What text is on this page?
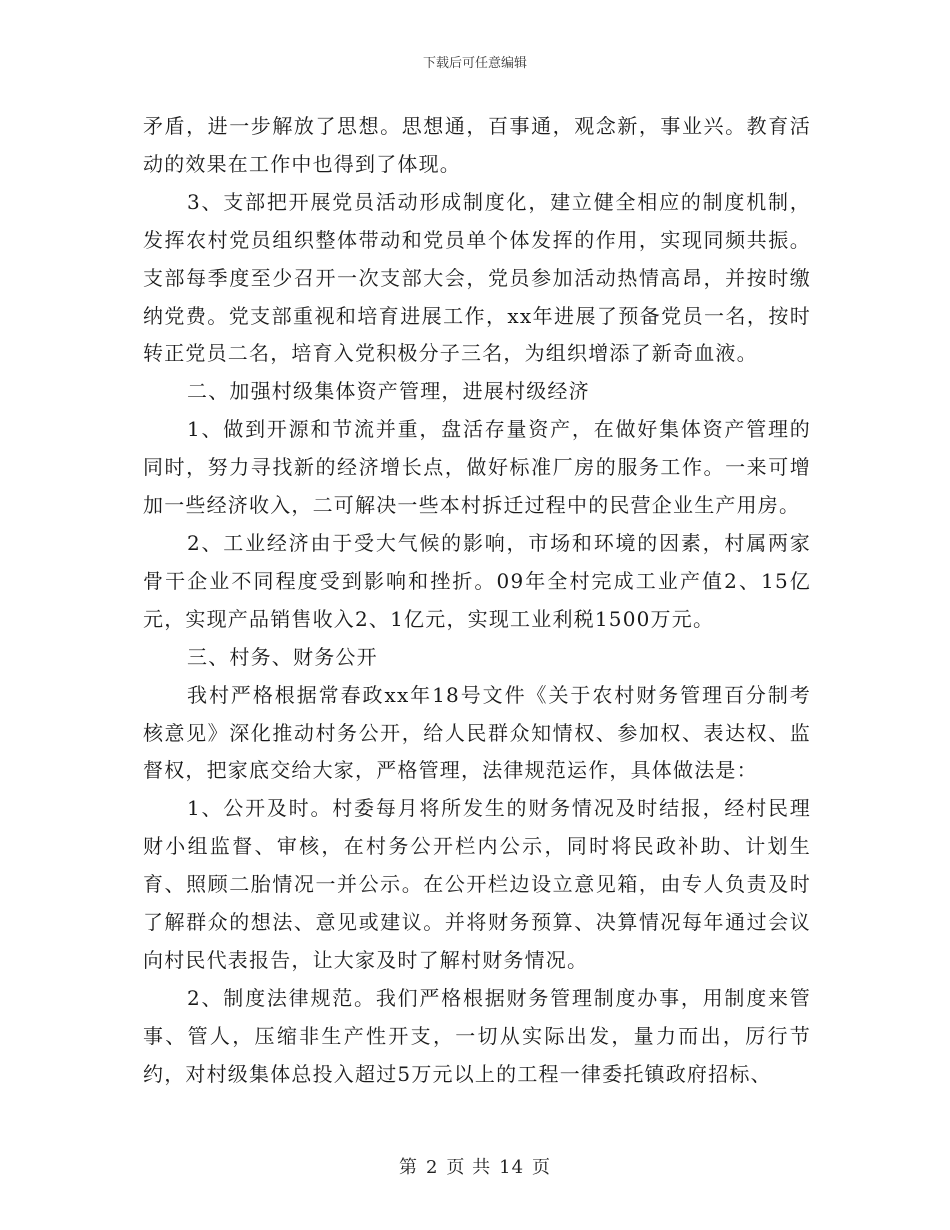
下载后可任意编辑

矛盾，进一步解放了思想。思想通，百事通，观念新，事业兴。教育活动的效果在工作中也得到了体现。

3、支部把开展党员活动形成制度化，建立健全相应的制度机制，发挥农村党员组织整体带动和党员单个体发挥的作用，实现同频共振。支部每季度至少召开一次支部大会，党员参加活动热情高昂，并按时缴纳党费。党支部重视和培育进展工作，xx年进展了预备党员一名，按时转正党员二名，培育入党积极分子三名，为组织增添了新奇血液。

二、加强村级集体资产管理，进展村级经济

1、做到开源和节流并重，盘活存量资产，在做好集体资产管理的同时，努力寻找新的经济增长点，做好标准厂房的服务工作。一来可增加一些经济收入，二可解决一些本村拆迁过程中的民营企业生产用房。

2、工业经济由于受大气候的影响，市场和环境的因素，村属两家骨干企业不同程度受到影响和挫折。09年全村完成工业产值2、15亿元，实现产品销售收入2、1亿元，实现工业利税1500万元。

三、村务、财务公开

我村严格根据常春政xx年18号文件《关于农村财务管理百分制考核意见》深化推动村务公开，给人民群众知情权、参加权、表达权、监督权，把家底交给大家，严格管理，法律规范运作，具体做法是：

1、公开及时。村委每月将所发生的财务情况及时结报，经村民理财小组监督、审核，在村务公开栏内公示，同时将民政补助、计划生育、照顾二胎情况一并公示。在公开栏边设立意见箱，由专人负责及时了解群众的想法、意见或建议。并将财务预算、决算情况每年通过会议向村民代表报告，让大家及时了解村财务情况。

2、制度法律规范。我们严格根据财务管理制度办事，用制度来管事、管人，压缩非生产性开支，一切从实际出发，量力而出，厉行节约，对村级集体总投入超过5万元以上的工程一律委托镇政府招标、

第 2 页 共 14 页
